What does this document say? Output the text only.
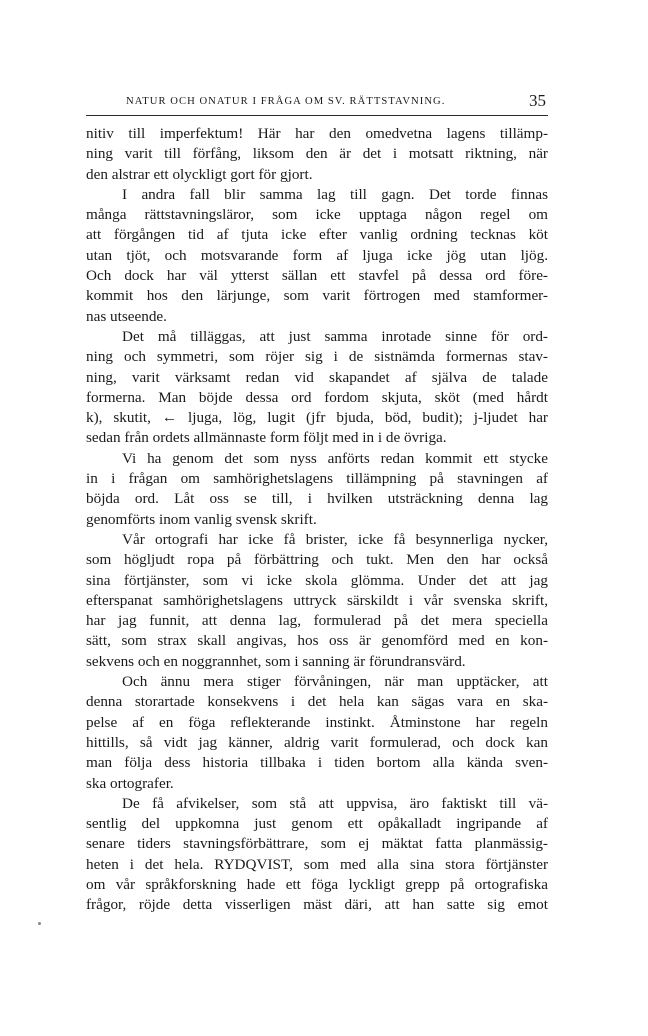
NATUR OCH ONATUR I FRÅGA OM SV. RÄTTSTAVNING.	35
nitiv till imperfektum! Här har den omedvetna lagens tillämp-
ning varit till förfång, liksom den är det i motsatt riktning, när
den alstrar ett olyckligt gort för gjort.
I andra fall blir samma lag till gagn. Det torde finnas
många rättstavningsläror, som icke upptaga någon regel om
att förgången tid af tjuta icke efter vanlig ordning tecknas köt
utan tjöt, och motsvarande form af ljuga icke jög utan ljög.
Och dock har väl ytterst sällan ett stavfel på dessa ord före-
kommit hos den lärjunge, som varit förtrogen med stamformer-
nas utseende.
Det må tilläggas, att just samma inrotade sinne för ord-
ning och symmetri, som röjer sig i de sistnämda formernas stav-
ning, varit värksamt redan vid skapandet af själva de talade
formerna. Man böjde dessa ord fordom skjuta, sköt (med hårdt
k), skutit, ← ljuga, lög, lugit (jfr bjuda, böd, budit); j-ljudet har
sedan från ordets allmännaste form följt med in i de övriga.
Vi ha genom det som nyss anförts redan kommit ett stycke
in i frågan om samhörighetslagens tillämpning på stavningen af
böjda ord. Låt oss se till, i hvilken utsträckning denna lag
genomförts inom vanlig svensk skrift.
Vår ortografi har icke få brister, icke få besynnerliga nycker,
som högljudt ropa på förbättring och tukt. Men den har också
sina förtjänster, som vi icke skola glömma. Under det att jag
efterspanat samhörighetslagens uttryck särskildt i vår svenska skrift,
har jag funnit, att denna lag, formulerad på det mera speciella
sätt, som strax skall angivas, hos oss är genomförd med en kon-
sekvens och en noggrannhet, som i sanning är förundransvärd.
Och ännu mera stiger förvåningen, när man upptäcker, att
denna storartade konsekvens i det hela kan sägas vara en ska-
pelse af en föga reflekterande instinkt. Åtminstone har regeln
hittills, så vidt jag känner, aldrig varit formulerad, och dock kan
man följa dess historia tillbaka i tiden bortom alla kända sven-
ska ortografer.
De få afvikelser, som stå att uppvisa, äro faktiskt till vä-
sentlig del uppkomna just genom ett opåkalladt ingripande af
senare tiders stavningsförbättrare, som ej mäktat fatta planmässig-
heten i det hela. RYDQVIST, som med alla sina stora förtjänster
om vår språkforskning hade ett föga lyckligt grepp på ortografiska
frågor, röjde detta visserligen mäst däri, att han satte sig emot
